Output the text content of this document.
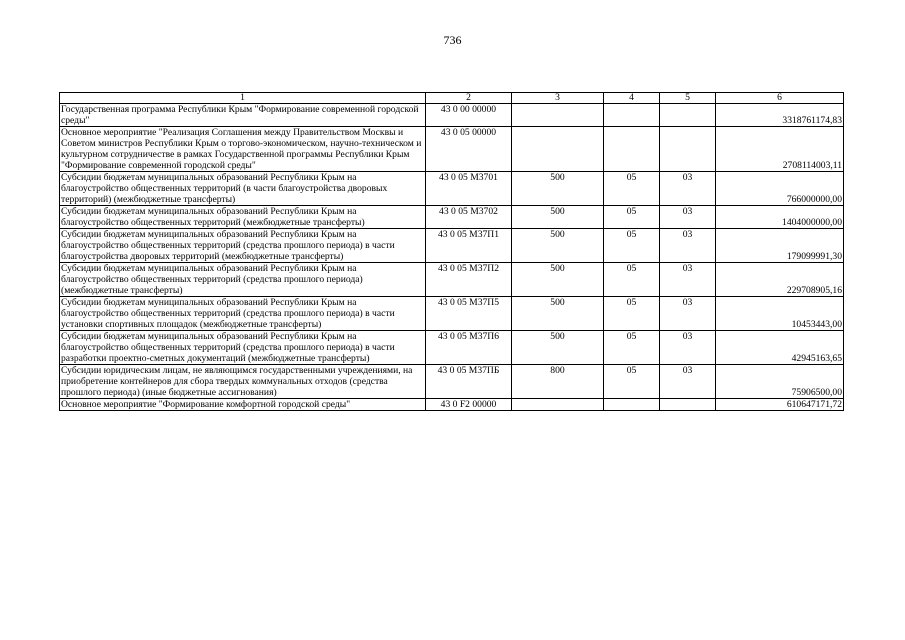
736
1	2	3	4	5	6
Государственная программа Республики Крым "Формирование современной городской среды"	43 0 00 00000				3318761174,83
Основное мероприятие "Реализация Соглашения между Правительством Москвы и Советом министров Республики Крым о торгово-экономическом, научно-техническом и культурном сотрудничестве в рамках Государственной программы Республики Крым "Формирование современной городской среды"	43 0 05 00000				2708114003,11
Субсидии бюджетам муниципальных образований Республики Крым на благоустройство общественных территорий (в части благоустройства дворовых территорий) (межбюджетные трансферты)	43 0 05 М3701	500	05	03	766000000,00
Субсидии бюджетам муниципальных образований Республики Крым на благоустройство общественных территорий (межбюджетные трансферты)	43 0 05 М3702	500	05	03	1404000000,00
Субсидии бюджетам муниципальных образований Республики Крым на благоустройство общественных территорий (средства прошлого периода) в части благоустройства дворовых территорий (межбюджетные трансферты)	43 0 05 М37П1	500	05	03	179099991,30
Субсидии бюджетам муниципальных образований Республики Крым на благоустройство общественных территорий (средства прошлого периода) (межбюджетные трансферты)	43 0 05 М37П2	500	05	03	229708905,16
Субсидии бюджетам муниципальных образований Республики Крым на благоустройство общественных территорий (средства прошлого периода) в части установки спортивных площадок (межбюджетные трансферты)	43 0 05 М37П5	500	05	03	10453443,00
Субсидии бюджетам муниципальных образований Республики Крым на благоустройство общественных территорий (средства прошлого периода) в части разработки проектно-сметных документаций (межбюджетные трансферты)	43 0 05 М37П6	500	05	03	42945163,65
Субсидии юридическим лицам, не являющимся государственными учреждениями, на приобретение контейнеров для сбора твердых коммунальных отходов (средства прошлого периода) (иные бюджетные ассигнования)	43 0 05 М37ПБ	800	05	03	75906500,00
Основное мероприятие "Формирование комфортной городской среды"	43 0 F2 00000				610647171,72
